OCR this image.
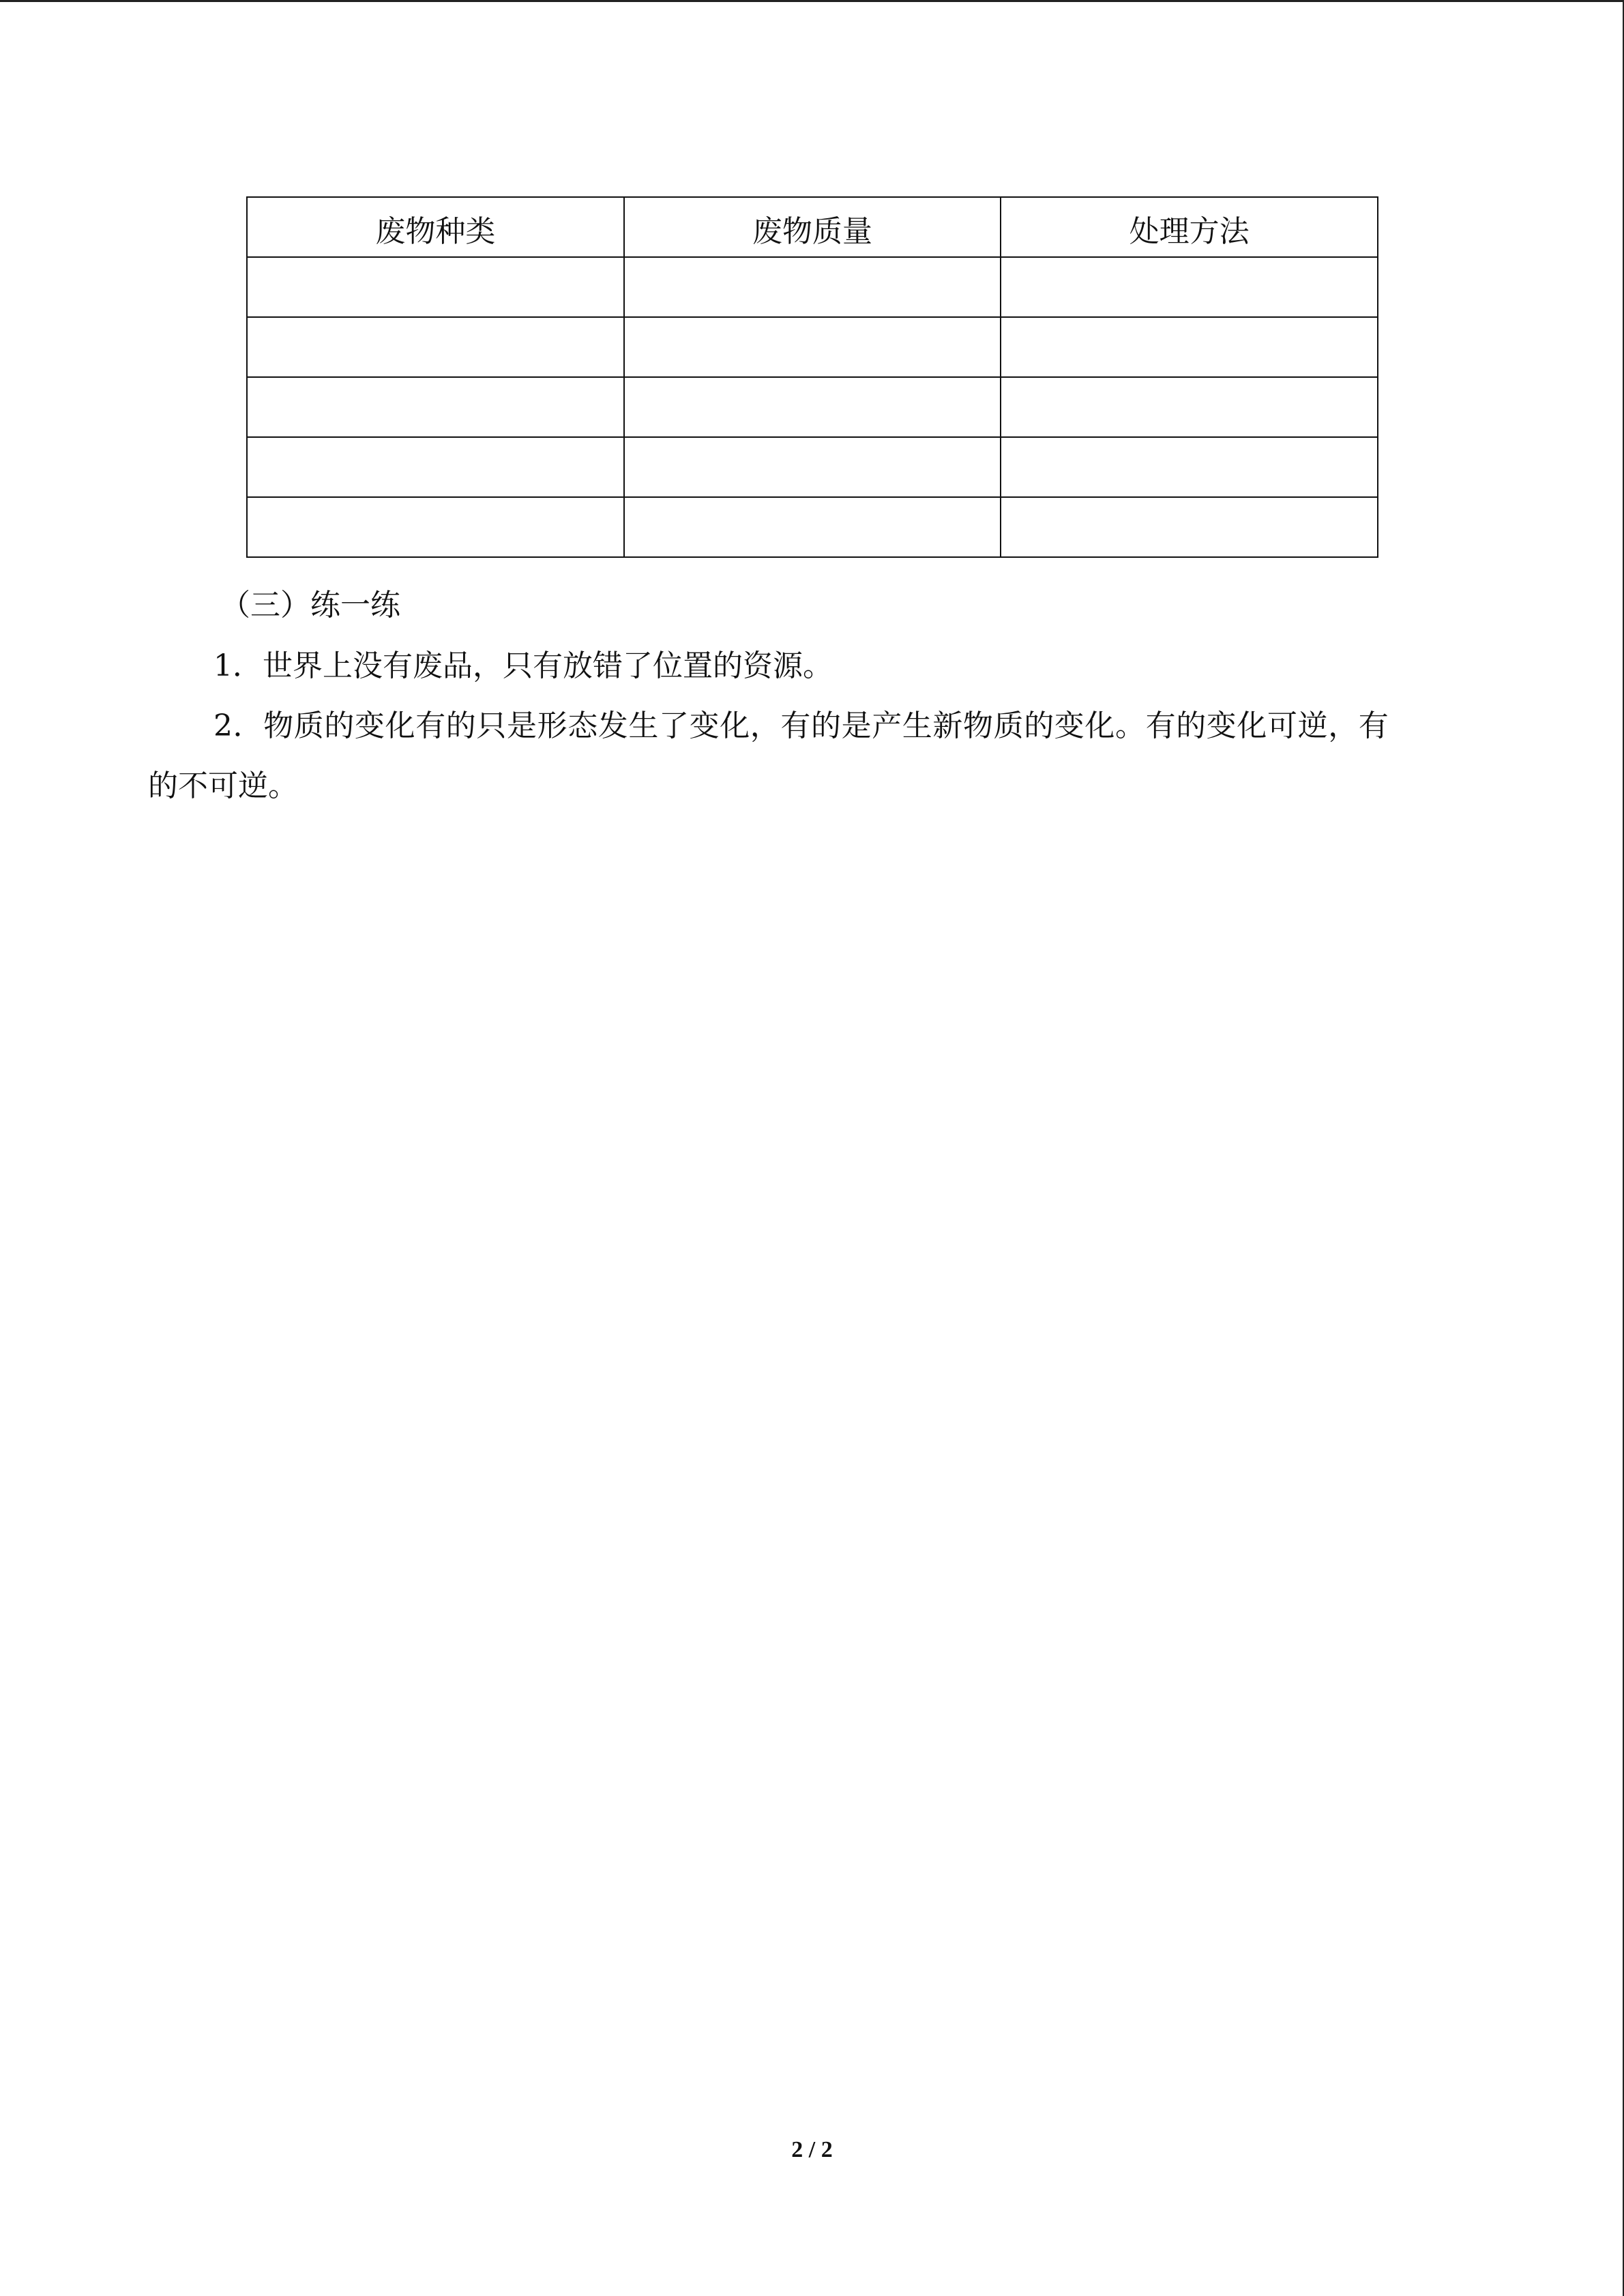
废物种类	废物质量	处理方法

（三）练一练
1．世界上没有废品，只有放错了位置的资源。
2．物质的变化有的只是形态发生了变化，有的是产生新物质的变化。有的变化可逆，有
的不可逆。
2 / 2
